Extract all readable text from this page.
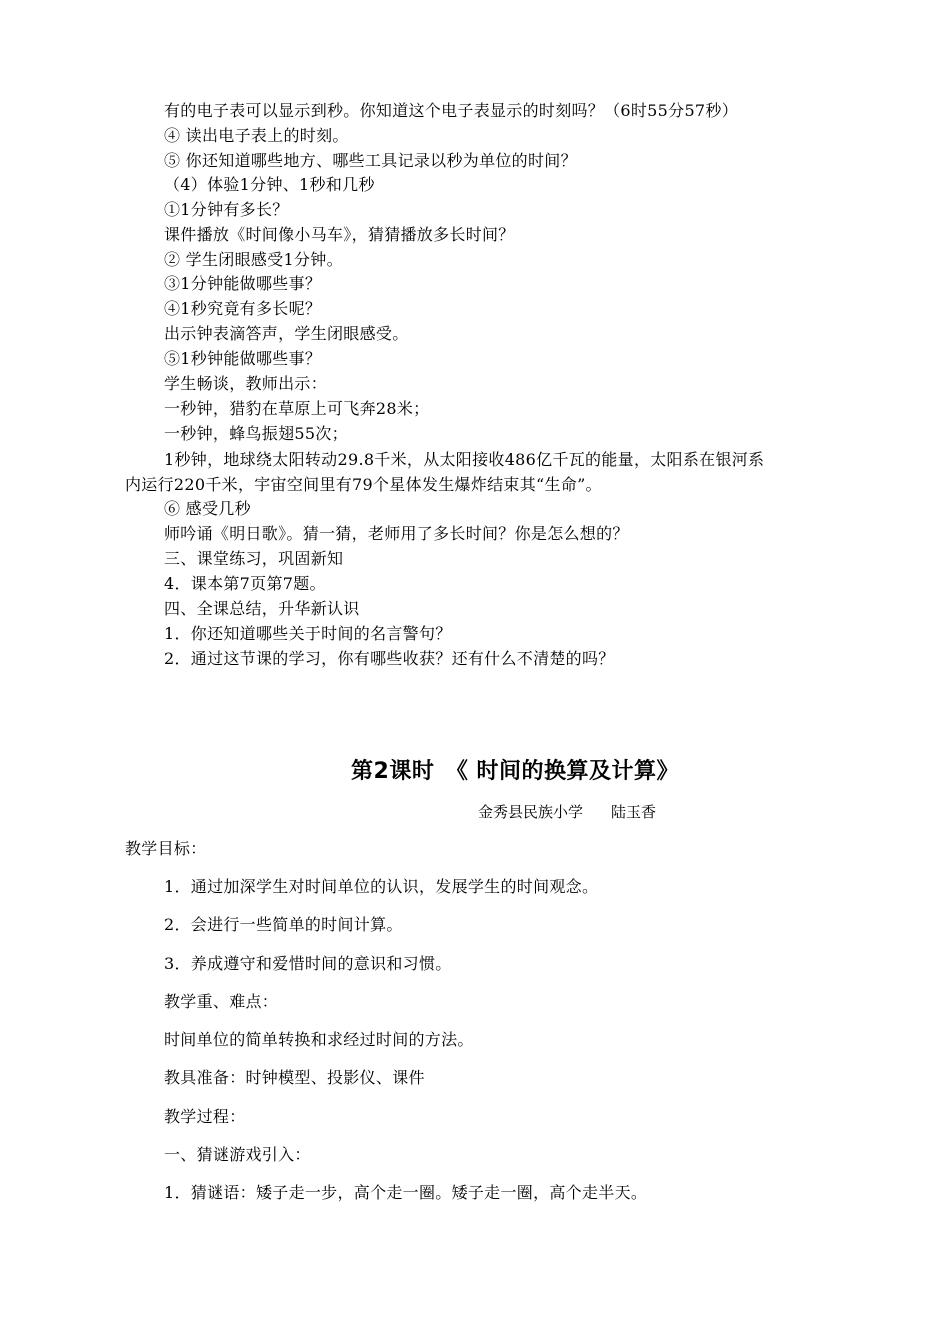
有的电子表可以显示到秒。你知道这个电子表显示的时刻吗？（6时55分57秒）
④ 读出电子表上的时刻。
⑤ 你还知道哪些地方、哪些工具记录以秒为单位的时间？
（4）体验1分钟、1秒和几秒
①1分钟有多长？
课件播放《时间像小马车》，猜猜播放多长时间？
② 学生闭眼感受1分钟。
③1分钟能做哪些事？
④1秒究竟有多长呢？
出示钟表滴答声，学生闭眼感受。
⑤1秒钟能做哪些事？
学生畅谈，教师出示：
一秒钟，猎豹在草原上可飞奔28米；
一秒钟，蜂鸟振翅55次；
1秒钟，地球绕太阳转动29.8千米，从太阳接收486亿千瓦的能量，太阳系在银河系
内运行220千米，宇宙空间里有79个星体发生爆炸结束其“生命”。
⑥ 感受几秒
师吟诵《明日歌》。猜一猜，老师用了多长时间？你是怎么想的？
三、课堂练习，巩固新知
4．课本第7页第7题。
四、全课总结，升华新认识
1．你还知道哪些关于时间的名言警句？
2．通过这节课的学习，你有哪些收获？还有什么不清楚的吗？
第2课时　《 时间的换算及计算》
金秀县民族小学 陆玉香
教学目标：
1．通过加深学生对时间单位的认识，发展学生的时间观念。
2．会进行一些简单的时间计算。
3．养成遵守和爱惜时间的意识和习惯。
教学重、难点：
时间单位的简单转换和求经过时间的方法。
教具准备：时钟模型、投影仪、课件
教学过程：
一、猜谜游戏引入：
1．猜谜语：矮子走一步，高个走一圈。矮子走一圈，高个走半天。
